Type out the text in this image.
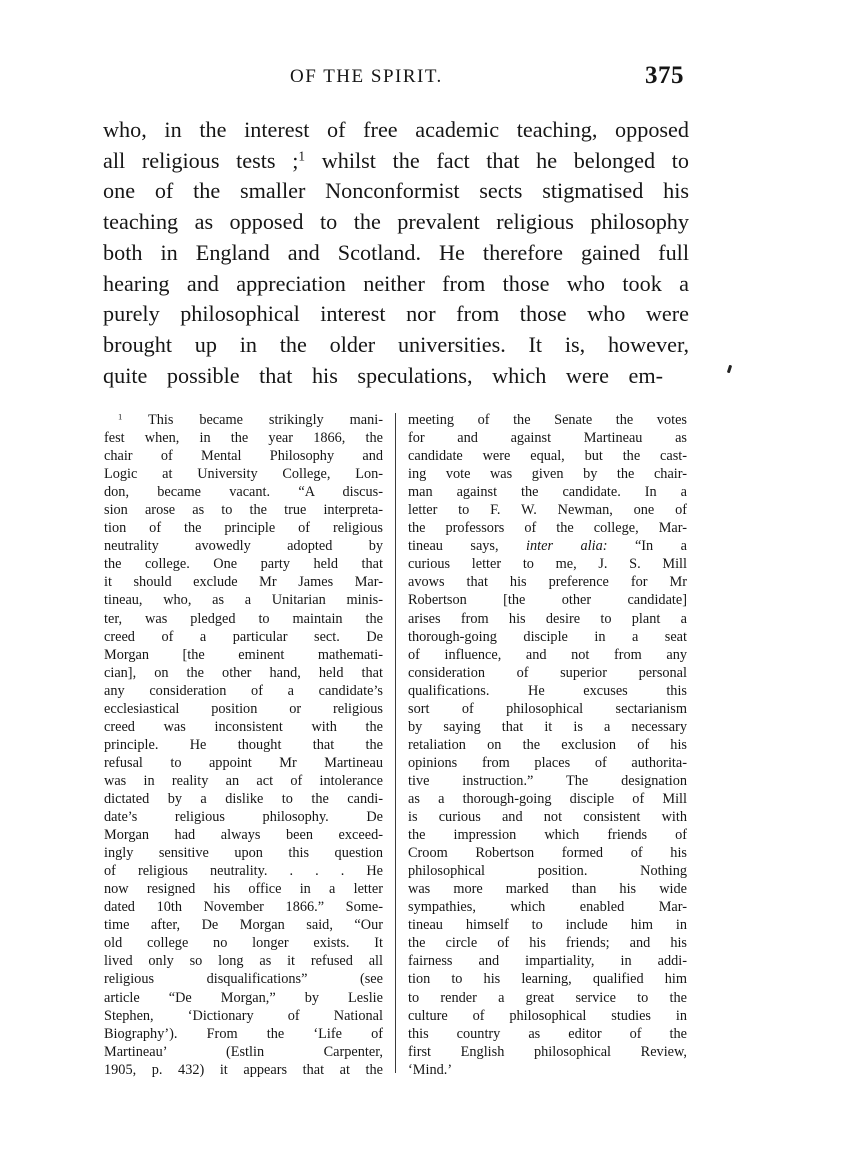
OF THE SPIRIT.	375
who, in the interest of free academic teaching, opposed
all religious tests ;$^1$ whilst the fact that he belonged to
one of the smaller Nonconformist sects stigmatised his
teaching as opposed to the prevalent religious philosophy
both in England and Scotland. He therefore gained full
hearing and appreciation neither from those who took a
purely philosophical interest nor from those who were
brought up in the older universities. It is, however,
quite possible that his speculations, which were em-
$^1$ This became strikingly mani-
fest when, in the year 1866, the
chair of Mental Philosophy and
Logic at University College, Lon-
don, became vacant. “A discus-
sion arose as to the true interpreta-
tion of the principle of religious
neutrality avowedly adopted by
the college. One party held that
it should exclude Mr James Mar-
tineau, who, as a Unitarian minis-
ter, was pledged to maintain the
creed of a particular sect. De
Morgan [the eminent mathemati-
cian], on the other hand, held that
any consideration of a candidate’s
ecclesiastical position or religious
creed was inconsistent with the
principle. He thought that the
refusal to appoint Mr Martineau
was in reality an act of intolerance
dictated by a dislike to the candi-
date’s religious philosophy. De
Morgan had always been exceed-
ingly sensitive upon this question
of religious neutrality. . . . He
now resigned his office in a letter
dated 10th November 1866.” Some-
time after, De Morgan said, “Our
old college no longer exists. It
lived only so long as it refused all
religious disqualifications” (see
article “De Morgan,” by Leslie
Stephen, ‘Dictionary of National
Biography’). From the ‘Life of
Martineau’ (Estlin Carpenter,
1905, p. 432) it appears that at the
meeting of the Senate the votes
for and against Martineau as
candidate were equal, but the cast-
ing vote was given by the chair-
man against the candidate. In a
letter to F. W. Newman, one of
the professors of the college, Mar-
tineau says, inter alia: “In a
curious letter to me, J. S. Mill
avows that his preference for Mr
Robertson [the other candidate]
arises from his desire to plant a
thorough-going disciple in a seat
of influence, and not from any
consideration of superior personal
qualifications. He excuses this
sort of philosophical sectarianism
by saying that it is a necessary
retaliation on the exclusion of his
opinions from places of authorita-
tive instruction.” The designation
as a thorough-going disciple of Mill
is curious and not consistent with
the impression which friends of
Croom Robertson formed of his
philosophical position. Nothing
was more marked than his wide
sympathies, which enabled Mar-
tineau himself to include him in
the circle of his friends; and his
fairness and impartiality, in addi-
tion to his learning, qualified him
to render a great service to the
culture of philosophical studies in
this country as editor of the
first English philosophical Review,
‘Mind.’
